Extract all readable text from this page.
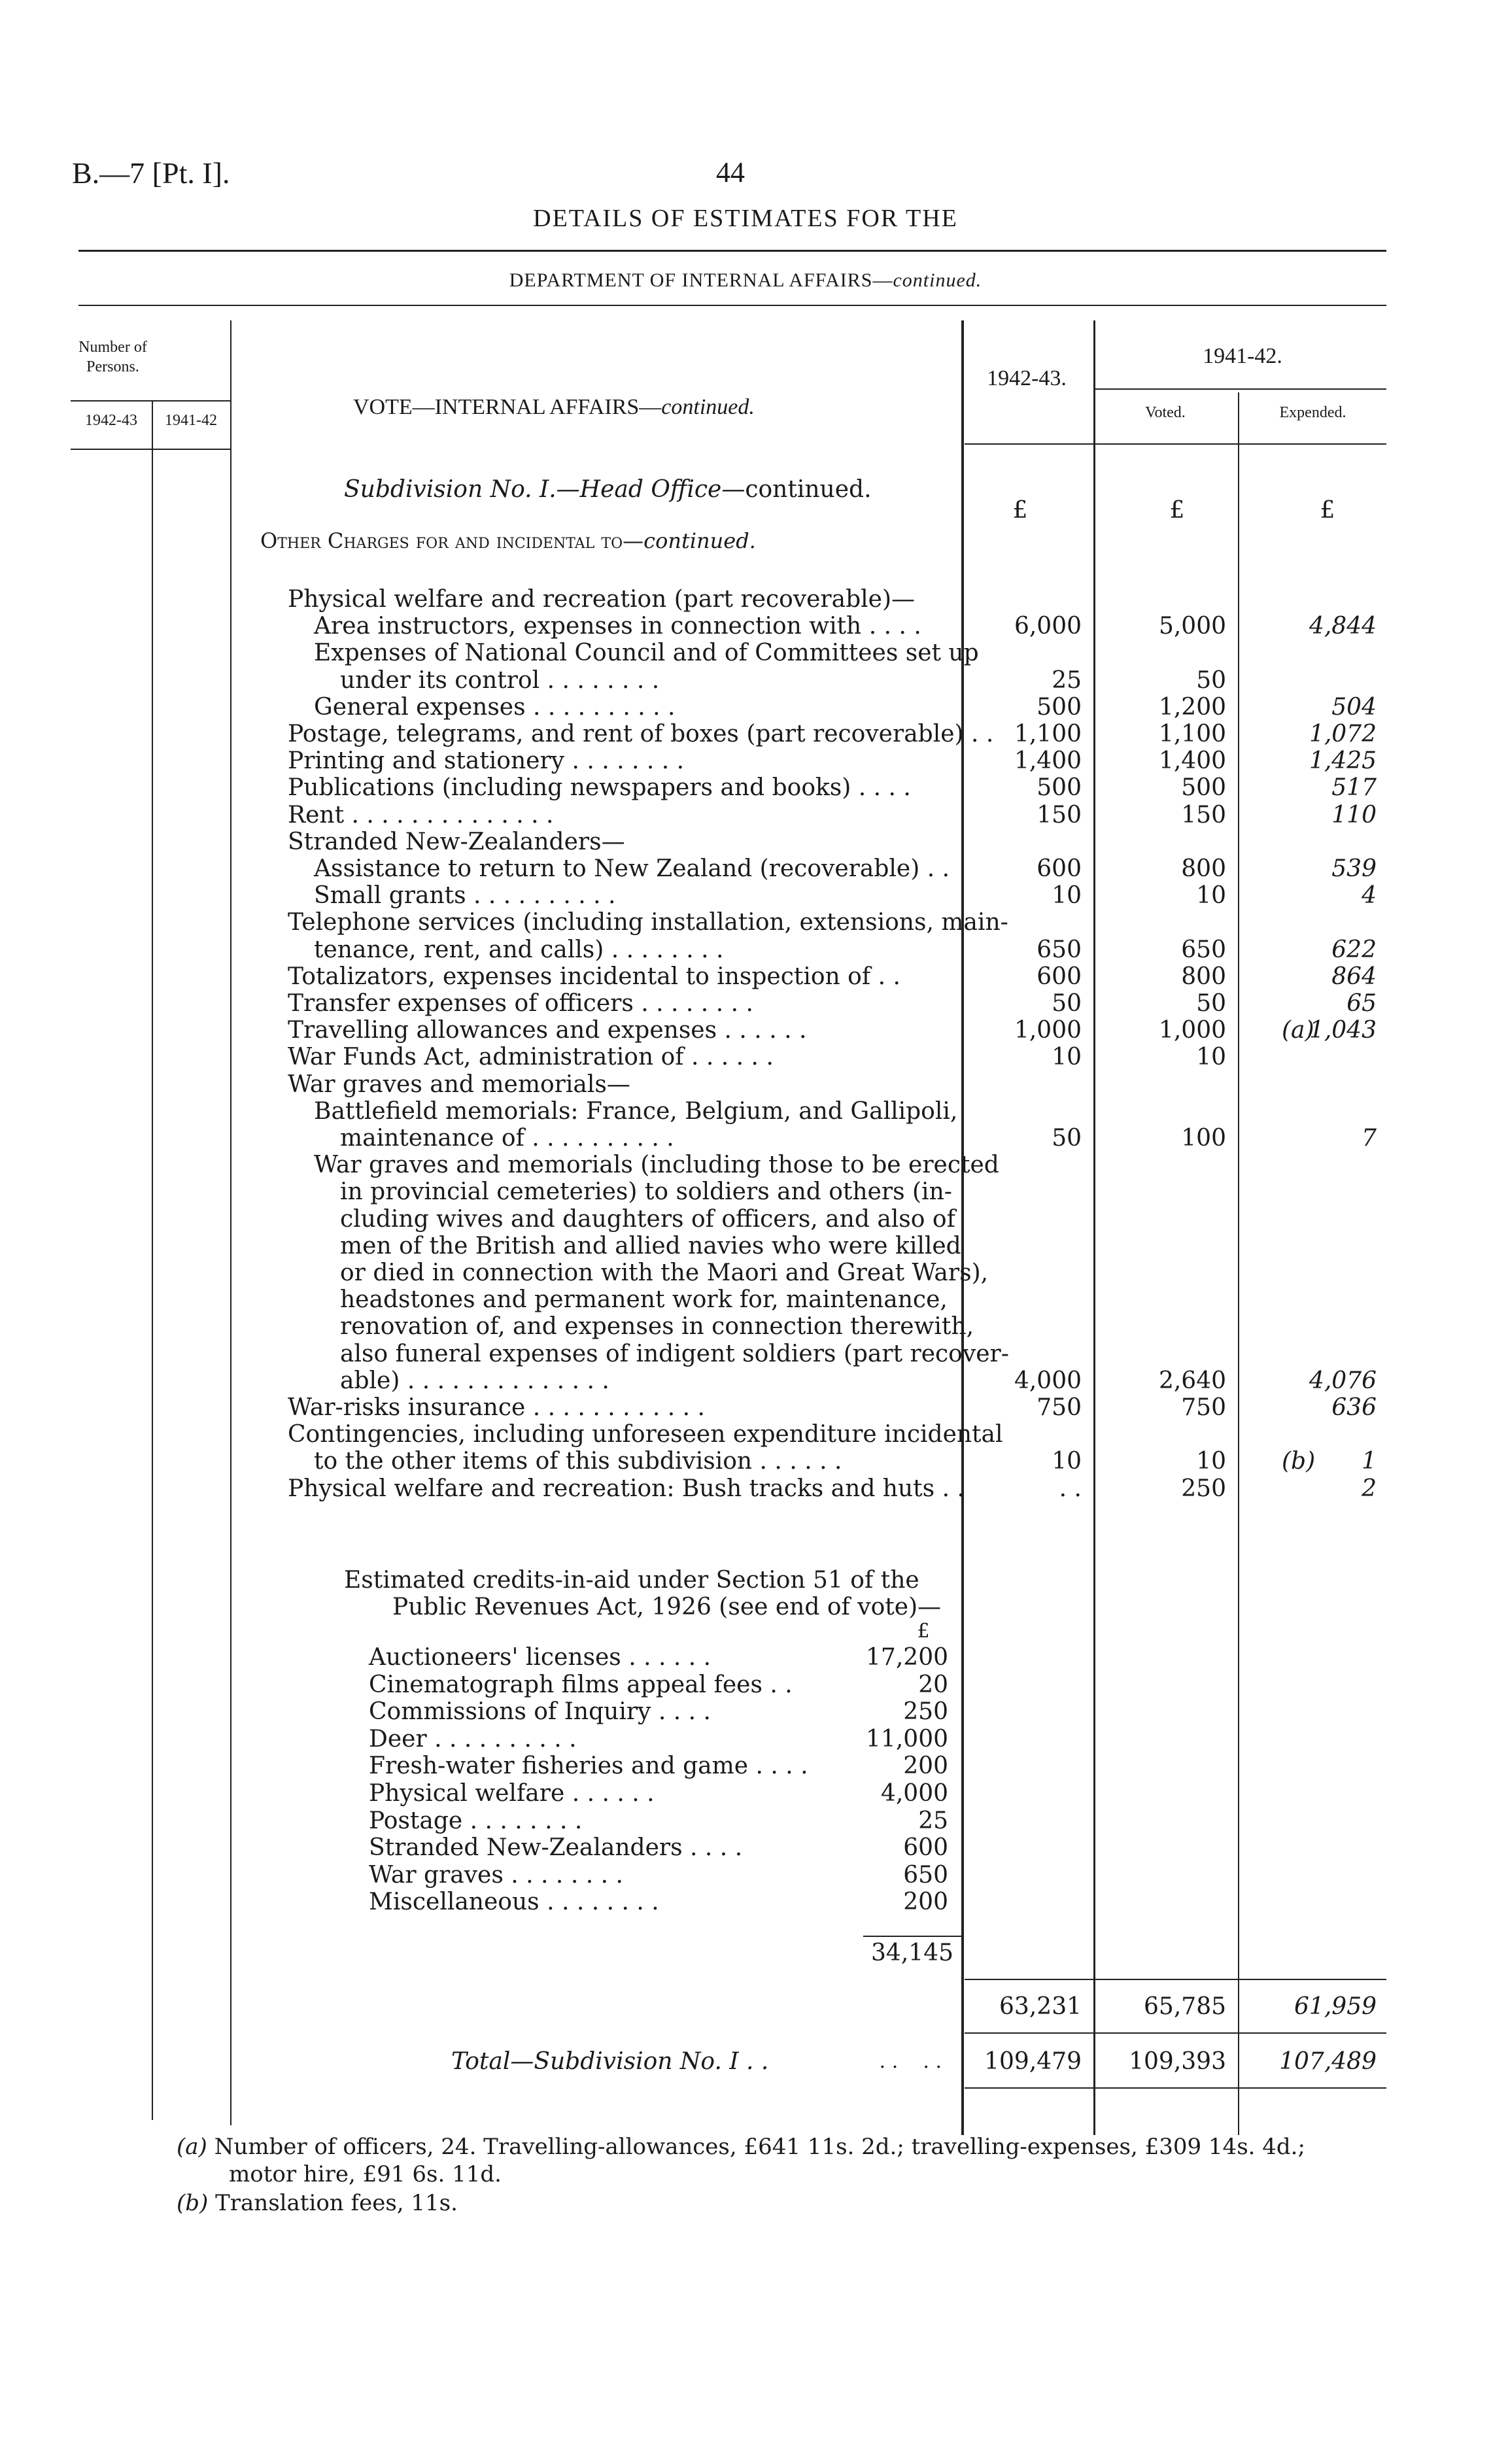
B.—7 [Pt. I].	44
DETAILS OF ESTIMATES FOR THE
DEPARTMENT OF INTERNAL AFFAIRS—continued.
Number of Persons.
1942-43	1941-42
VOTE—INTERNAL AFFAIRS—continued.
1942-43.
1941-42.
Voted.	Expended.
Subdivision No. I.—Head Office—continued.
Other Charges for and incidental to—continued.
£	£	£
Physical welfare and recreation (part recoverable)—
Area instructors, expenses in connection with . . . .	6,000	5,000	4,844
Expenses of National Council and of Committees set up
under its control . . . . . . . .	25	50
General expenses . . . . . . . . . .	500	1,200	504
Postage, telegrams, and rent of boxes (part recoverable) . . 1,100	1,100	1,072
Printing and stationery . . . . . . . .	1,400	1,400	1,425
Publications (including newspapers and books) . . . .	500	500	517
Rent . . . . . . . . . . . . . .	150	150	110
Stranded New-Zealanders—
Assistance to return to New Zealand (recoverable) . .	600	800	539
Small grants . . . . . . . . . .	10	10	4
Telephone services (including installation, extensions, main-
tenance, rent, and calls) . . . . . . . .	650	650	622
Totalizators, expenses incidental to inspection of . .	600	800	864
Transfer expenses of officers . . . . . . . .	50	50	65
Travelling allowances and expenses . . . . . .	1,000	1,000	1,043
(a)
War Funds Act, administration of . . . . . .	10	10
War graves and memorials—
Battlefield memorials: France, Belgium, and Gallipoli,
maintenance of . . . . . . . . . .	50	100	7
War graves and memorials (including those to be erected
in provincial cemeteries) to soldiers and others (in-
cluding wives and daughters of officers, and also of
men of the British and allied navies who were killed
or died in connection with the Maori and Great Wars),
headstones and permanent work for, maintenance,
renovation of, and expenses in connection therewith,
also funeral expenses of indigent soldiers (part recover-
able) . . . . . . . . . . . . . .	4,000	2,640	4,076
War-risks insurance . . . . . . . . . . . .	750	750	636
Contingencies, including unforeseen expenditure incidental
to the other items of this subdivision . . . . . .	10	10	1
(b)
Physical welfare and recreation: Bush tracks and huts . .	. .	250	2
Estimated credits-in-aid under Section 51 of the
Public Revenues Act, 1926 (see end of vote)—
£
Auctioneers' licenses . . . . . .	17,200
Cinematograph films appeal fees . .	20
Commissions of Inquiry . . . .	250
Deer . . . . . . . . . .	11,000
Fresh-water fisheries and game . . . .	200
Physical welfare . . . . . .	4,000
Postage . . . . . . . .	25
Stranded New-Zealanders . . . .	600
War graves . . . . . . . .	650
Miscellaneous . . . . . . . .	200
34,145
63,231	65,785	61,959
Total—Subdivision No. I . .	. .    . .	109,479	109,393	107,489
(a) Number of officers, 24. Travelling-allowances, £641 11s. 2d.; travelling-expenses, £309 14s. 4d.;
motor hire, £91 6s. 11d.
(b) Translation fees, 11s.
